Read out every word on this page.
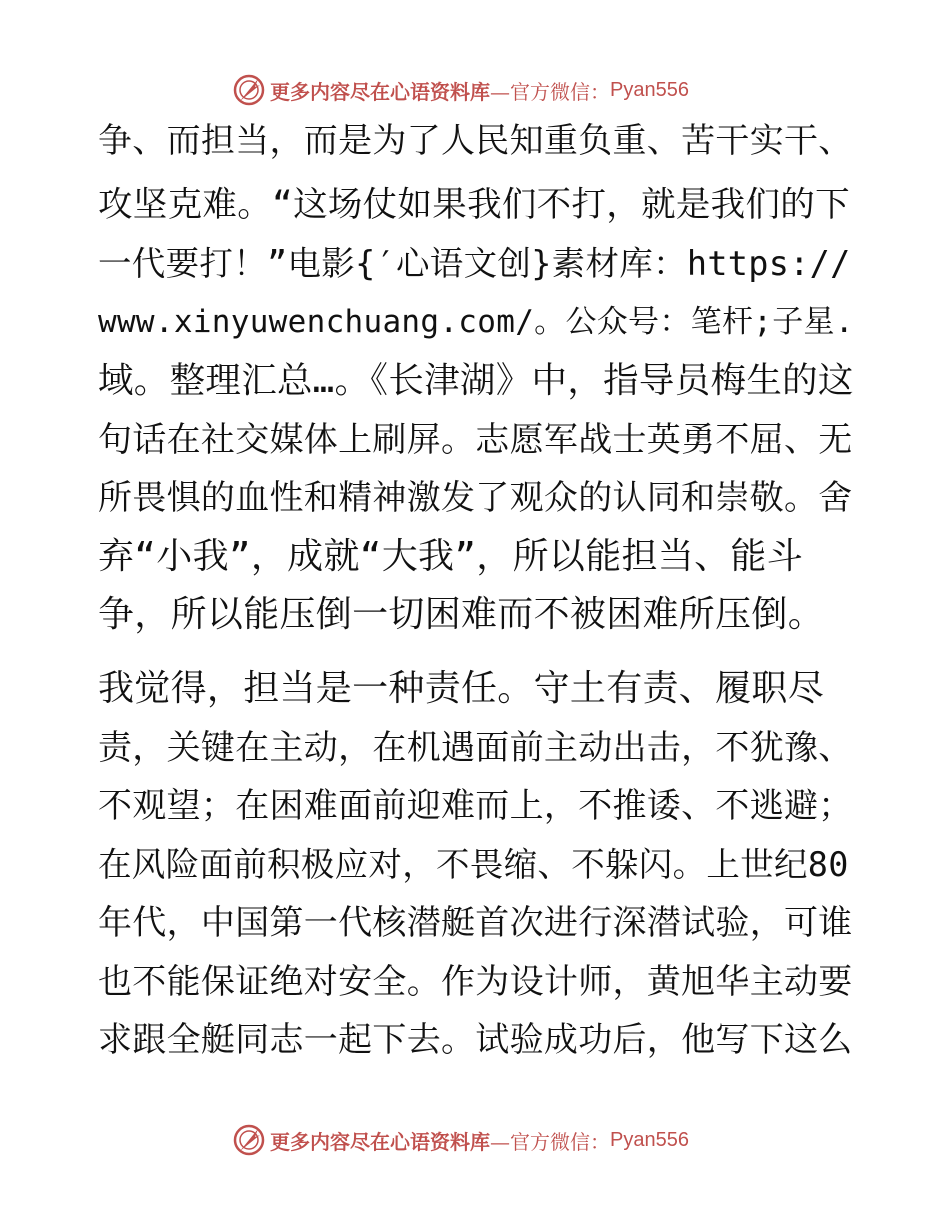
更多内容尽在心语资料库 —官方微信： Pyan556
争、而担当，而是为了人民知重负重、苦干实干、
攻坚克难。“这场仗如果我们不打，就是我们的下
一代要打！”电影{′心语文创}素材库：https://
www.xinyuwenchuang.com/。公众号：笔杆;子星.
域。整理汇总…。《长津湖》中，指导员梅生的这
句话在社交媒体上刷屏。志愿军战士英勇不屈、无
所畏惧的血性和精神激发了观众的认同和崇敬。舍
弃“小我”，成就“大我”，所以能担当、能斗
争，所以能压倒一切困难而不被困难所压倒。
我觉得，担当是一种责任。守土有责、履职尽
责，关键在主动，在机遇面前主动出击，不犹豫、
不观望；在困难面前迎难而上，不推诿、不逃避；
在风险面前积极应对，不畏缩、不躲闪。上世纪80
年代，中国第一代核潜艇首次进行深潜试验，可谁
也不能保证绝对安全。作为设计师，黄旭华主动要
求跟全艇同志一起下去。试验成功后，他写下这么
更多内容尽在心语资料库 —官方微信： Pyan556
